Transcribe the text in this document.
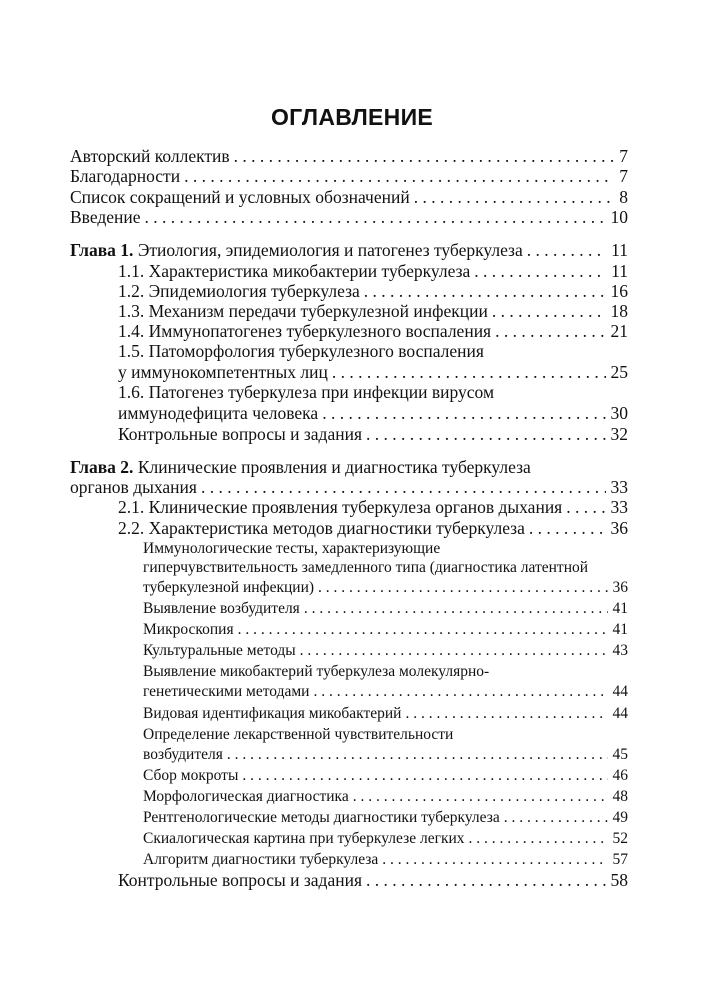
ОГЛАВЛЕНИЕ
Авторский коллектив . . .	7
Благодарности . . .	7
Список сокращений и условных обозначений . . .	8
Введение . . .	10
Глава 1. Этиология, эпидемиология и патогенез туберкулеза . . .	11
1.1. Характеристика микобактерии туберкулеза . . .	11
1.2. Эпидемиология туберкулеза . . .	16
1.3. Механизм передачи туберкулезной инфекции . . .	18
1.4. Иммунопатогенез туберкулезного воспаления . . .	21
1.5. Патоморфология туберкулезного воспаления
у иммунокомпетентных лиц . . .	25
1.6. Патогенез туберкулеза при инфекции вирусом
иммунодефицита человека . . .	30
Контрольные вопросы и задания . . .	32
Глава 2. Клинические проявления и диагностика туберкулеза
органов дыхания . . .	33
2.1. Клинические проявления туберкулеза органов дыхания . . .	33
2.2. Характеристика методов диагностики туберкулеза . . .	36
Иммунологические тесты, характеризующие
гиперчувствительность замедленного типа (диагностика латентной
туберкулезной инфекции) . . .	36
Выявление возбудителя . . .	41
Микроскопия . . .	41
Культуральные методы . . .	43
Выявление микобактерий туберкулеза молекулярно-
генетическими методами . . .	44
Видовая идентификация микобактерий . . .	44
Определение лекарственной чувствительности
возбудителя . . .	45
Сбор мокроты . . .	46
Морфологическая диагностика . . .	48
Рентгенологические методы диагностики туберкулеза . . .	49
Скиалогическая картина при туберкулезе легких . . .	52
Алгоритм диагностики туберкулеза . . .	57
Контрольные вопросы и задания . . .	58
